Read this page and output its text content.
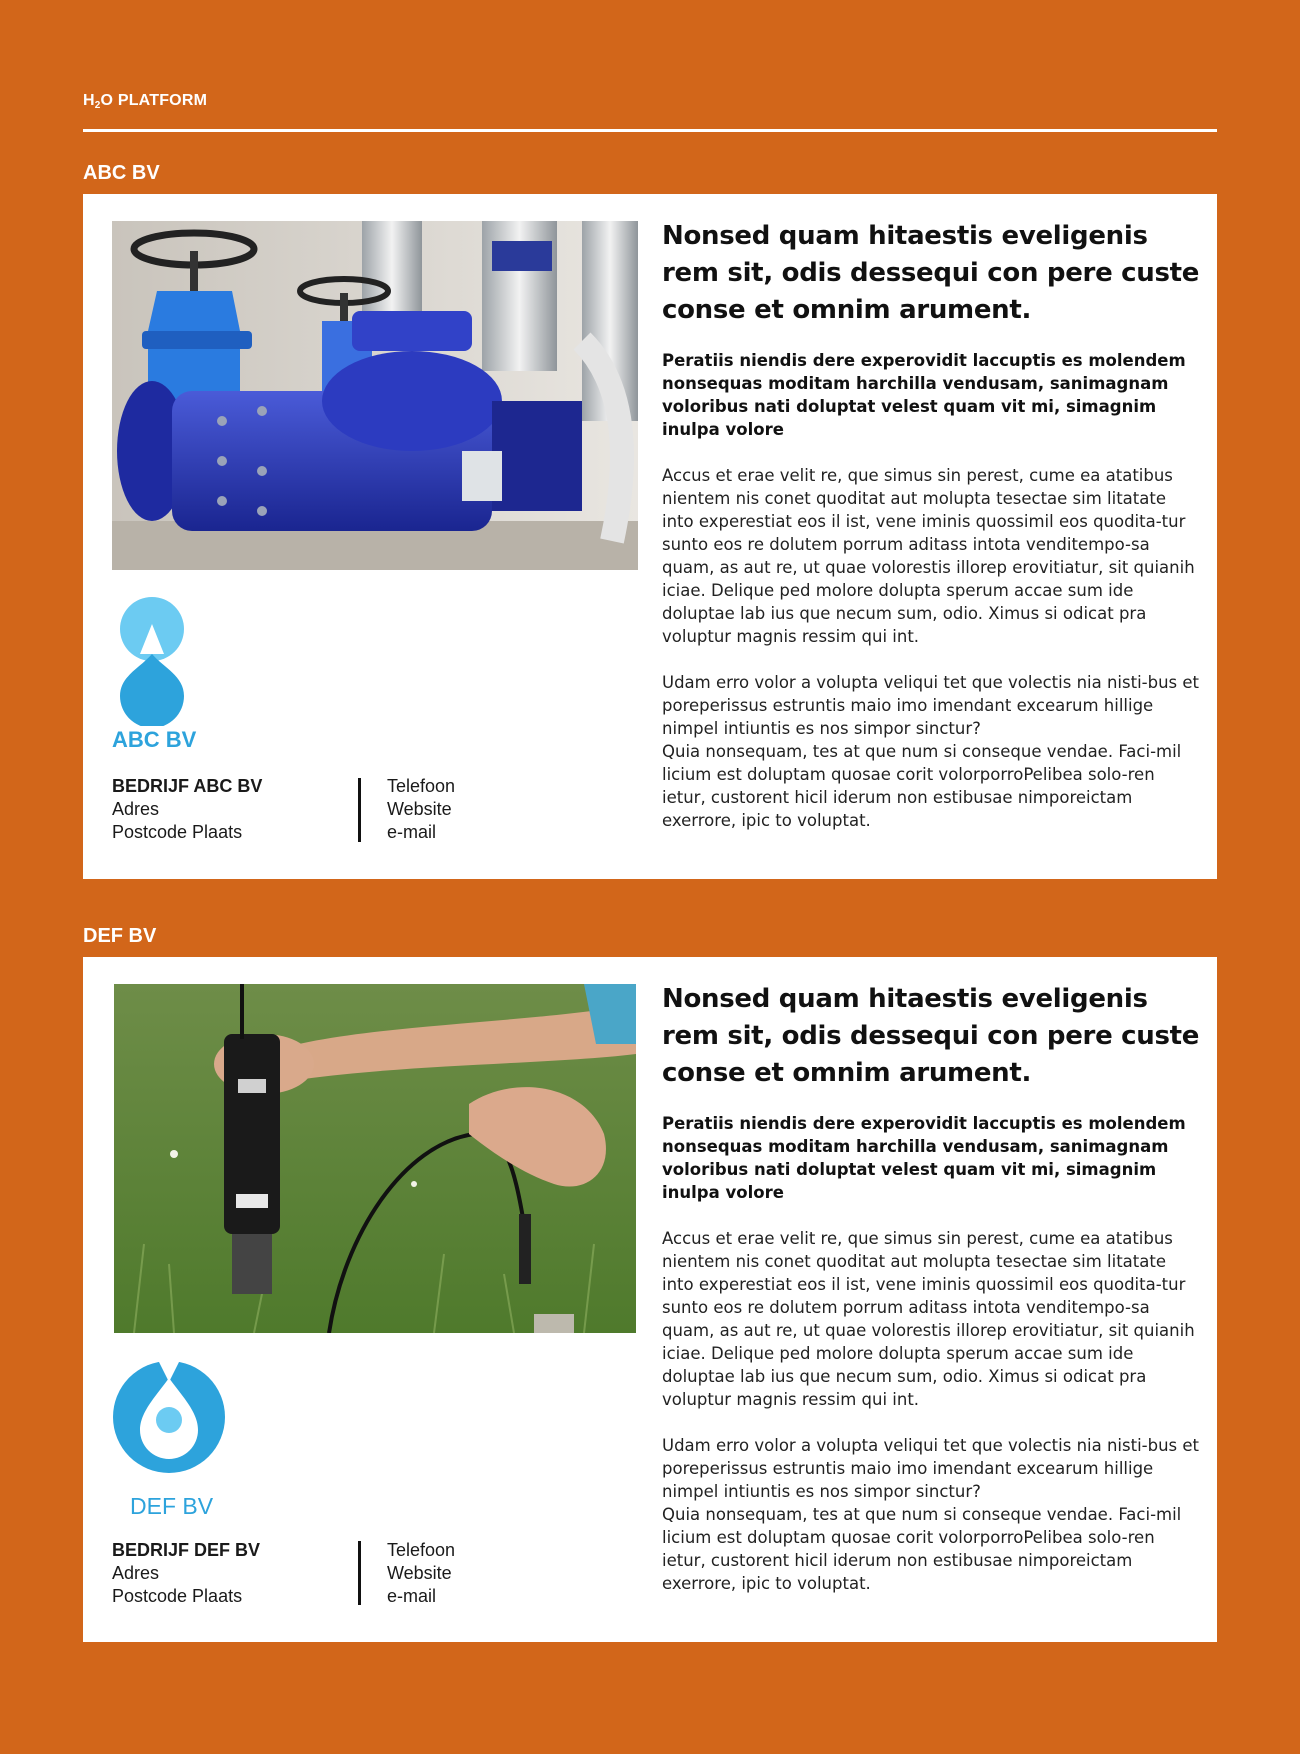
$H_2O$ PLATFORM
ABC BV
ABC BV
BEDRIJF ABC BV
Adres
Postcode Plaats
Telefoon
Website
e-mail

Nonsed quam hitaestis eveligenis rem sit, odis dessequi con pere custe conse et omnim arument.

Peratiis niendis dere experovidit laccuptis es molendem nonsequas moditam harchilla vendusam, sanimagnam voloribus nati doluptat velest quam vit mi, simagnim inulpa volore

Accus et erae velit re, que simus sin perest, cume ea atatibus nientem nis conet quoditat aut molupta tesectae sim litatate into experestiat eos il ist, vene iminis quossimil eos quodita-tur sunto eos re dolutem porrum aditass intota venditempo-sa quam, as aut re, ut quae volorestis illorep erovitiatur, sit quianih iciae. Delique ped molore dolupta sperum accae sum ide doluptae lab ius que necum sum, odio. Ximus si odicat pra voluptur magnis ressim qui int.

Udam erro volor a volupta veliqui tet que volectis nia nisti-bus et poreperissus estruntis maio imo imendant excearum hillige nimpel intiuntis es nos simpor sinctur?
Quia nonsequam, tes at que num si conseque vendae. Faci-mil licium est doluptam quosae corit volorporroPelibea solo-ren ietur, custorent hicil iderum non estibusae nimporeictam exerrore, ipic to voluptat.

DEF BV
DEF BV
BEDRIJF DEF BV
Adres
Postcode Plaats
Telefoon
Website
e-mail

Nonsed quam hitaestis eveligenis rem sit, odis dessequi con pere custe conse et omnim arument.

Peratiis niendis dere experovidit laccuptis es molendem nonsequas moditam harchilla vendusam, sanimagnam voloribus nati doluptat velest quam vit mi, simagnim inulpa volore

Accus et erae velit re, que simus sin perest, cume ea atatibus nientem nis conet quoditat aut molupta tesectae sim litatate into experestiat eos il ist, vene iminis quossimil eos quodita-tur sunto eos re dolutem porrum aditass intota venditempo-sa quam, as aut re, ut quae volorestis illorep erovitiatur, sit quianih iciae. Delique ped molore dolupta sperum accae sum ide doluptae lab ius que necum sum, odio. Ximus si odicat pra voluptur magnis ressim qui int.

Udam erro volor a volupta veliqui tet que volectis nia nisti-bus et poreperissus estruntis maio imo imendant excearum hillige nimpel intiuntis es nos simpor sinctur?
Quia nonsequam, tes at que num si conseque vendae. Faci-mil licium est doluptam quosae corit volorporroPelibea solo-ren ietur, custorent hicil iderum non estibusae nimporeictam exerrore, ipic to voluptat.
